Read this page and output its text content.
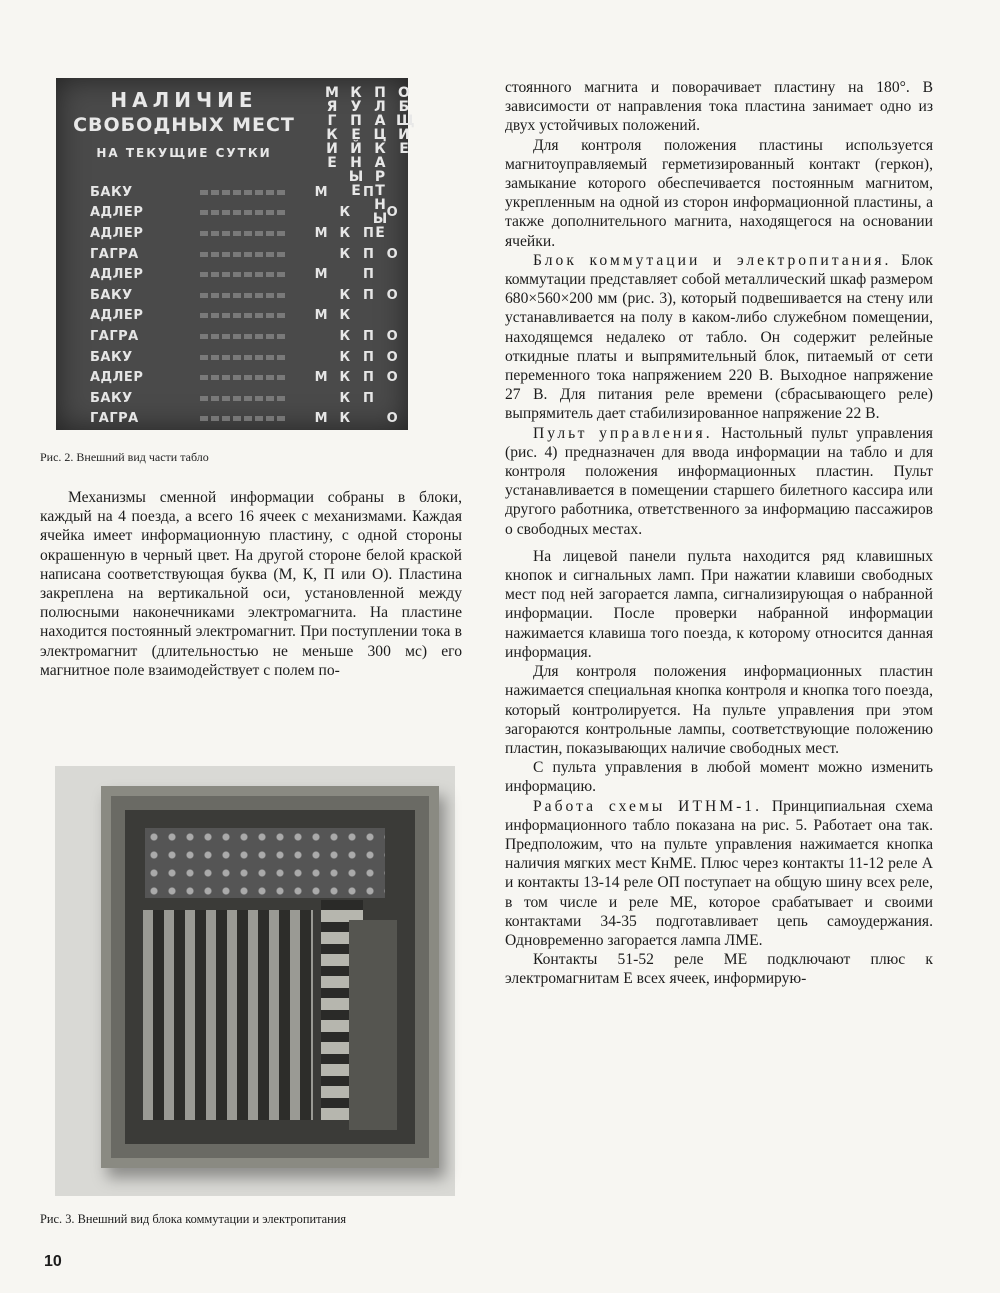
НАЛИЧИЕ
СВОБОДНЫХ МЕСТ
НА ТЕКУЩИЕ СУТКИ
М
Я
Г
К
И
Е
К
У
П
Е
Й
Н
Ы
Е
П
Л
А
Ц
К
А
Р
Т
Н
Ы
Е
О
Б
Щ
И
Е
БАКУ	М	П
АДЛЕР	К	О
АДЛЕР	М К П
ГАГРА	К П О
АДЛЕР	М	П
БАКУ	К П О
АДЛЕР	М К
ГАГРА	К П О
БАКУ	К П О
АДЛЕР	М К П О
БАКУ	К П
ГАГРА	М К	О
Рис. 2. Внешний вид части табло

Механизмы сменной информации собраны в блоки, каждый на 4 поезда, а всего 16 ячеек с механизмами. Каждая ячейка имеет информационную пластину, с одной стороны окрашенную в черный цвет. На другой стороне белой краской написана соответствующая буква (М, К, П или О). Пластина закреплена на вертикальной оси, установленной между полюсными наконечниками электромагнита. На пластине находится постоянный электромагнит. При поступлении тока в электромагнит (длительностью не меньше 300 мс) его магнитное поле взаимодействует с полем по-

Рис. 3. Внешний вид блока коммутации и электропитания

стоянного магнита и поворачивает пластину на 180°. В зависимости от направления тока пластина занимает одно из двух устойчивых положений.

Для контроля положения пластины используется магнитоуправляемый герметизированный контакт (геркон), замыкание которого обеспечивается постоянным магнитом, укрепленным на одной из сторон информационной пластины, а также дополнительного магнита, находящегося на основании ячейки.

Блок коммутации и электропитания. Блок коммутации представляет собой металлический шкаф размером 680×560×200 мм (рис. 3), который подвешивается на стену или устанавливается на полу в каком-либо служебном помещении, находящемся недалеко от табло. Он содержит релейные откидные платы и выпрямительный блок, питаемый от сети переменного тока напряжением 220 В. Выходное напряжение 27 В. Для питания реле времени (сбрасывающего реле) выпрямитель дает стабилизированное напряжение 22 В.

Пульт управления. Настольный пульт управления (рис. 4) предназначен для ввода информации на табло и для контроля положения информационных пластин. Пульт устанавливается в помещении старшего билетного кассира или другого работника, ответственного за информацию пассажиров о свободных местах.

На лицевой панели пульта находится ряд клавишных кнопок и сигнальных ламп. При нажатии клавиши свободных мест под ней загорается лампа, сигнализирующая о набранной информации. После проверки набранной информации нажимается клавиша того поезда, к которому относится данная информация.

Для контроля положения информационных пластин нажимается специальная кнопка контроля и кнопка того поезда, который контролируется. На пульте управления при этом загораются контрольные лампы, соответствующие положению пластин, показывающих наличие свободных мест.

С пульта управления в любой момент можно изменить информацию.

Работа схемы ИТНМ-1. Принципиальная схема информационного табло показана на рис. 5. Работает она так. Предположим, что на пульте управления нажимается кнопка наличия мягких мест КнМЕ. Плюс через контакты 11-12 реле А и контакты 13-14 реле ОП поступает на общую шину всех реле, в том числе и реле МЕ, которое срабатывает и своими контактами 34-35 подготавливает цепь самоудержания. Одновременно загорается лампа ЛМЕ.

Контакты 51-52 реле МЕ подключают плюс к электромагнитам Е всех ячеек, информирую-

10
